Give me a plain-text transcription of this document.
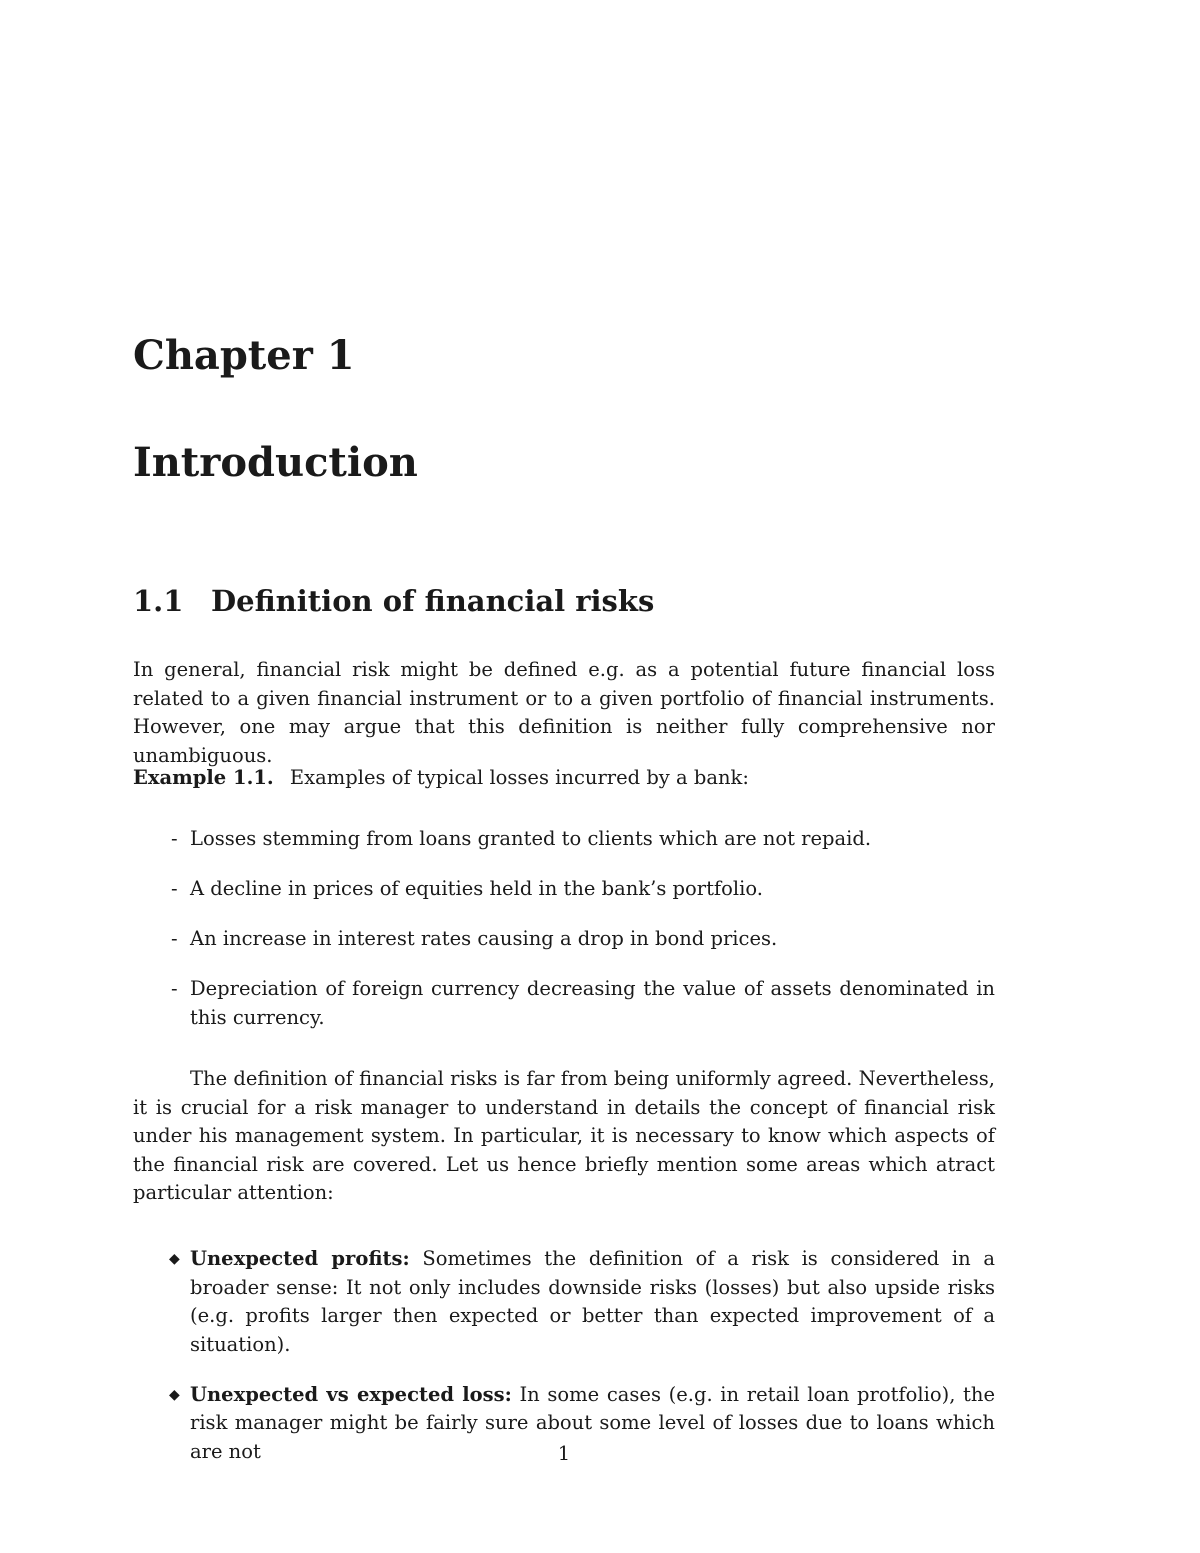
Chapter 1
Introduction
1.1 Definition of financial risks

In general, financial risk might be defined e.g. as a potential future financial loss related to a given financial instrument or to a given portfolio of financial instruments. However, one may argue that this definition is neither fully comprehensive nor unambiguous.

Example 1.1. Examples of typical losses incurred by a bank:

- Losses stemming from loans granted to clients which are not repaid.
- A decline in prices of equities held in the bank’s portfolio.
- An increase in interest rates causing a drop in bond prices.
- Depreciation of foreign currency decreasing the value of assets denominated in this currency.

The definition of financial risks is far from being uniformly agreed. Nevertheless, it is crucial for a risk manager to understand in details the concept of financial risk under his management system. In particular, it is necessary to know which aspects of the financial risk are covered. Let us hence briefly mention some areas which atract particular attention:

◆ Unexpected profits: Sometimes the definition of a risk is considered in a broader sense: It not only includes downside risks (losses) but also upside risks (e.g. profits larger then expected or better than expected improvement of a situation).
◆ Unexpected vs expected loss: In some cases (e.g. in retail loan protfolio), the risk manager might be fairly sure about some level of losses due to loans which are not	1
